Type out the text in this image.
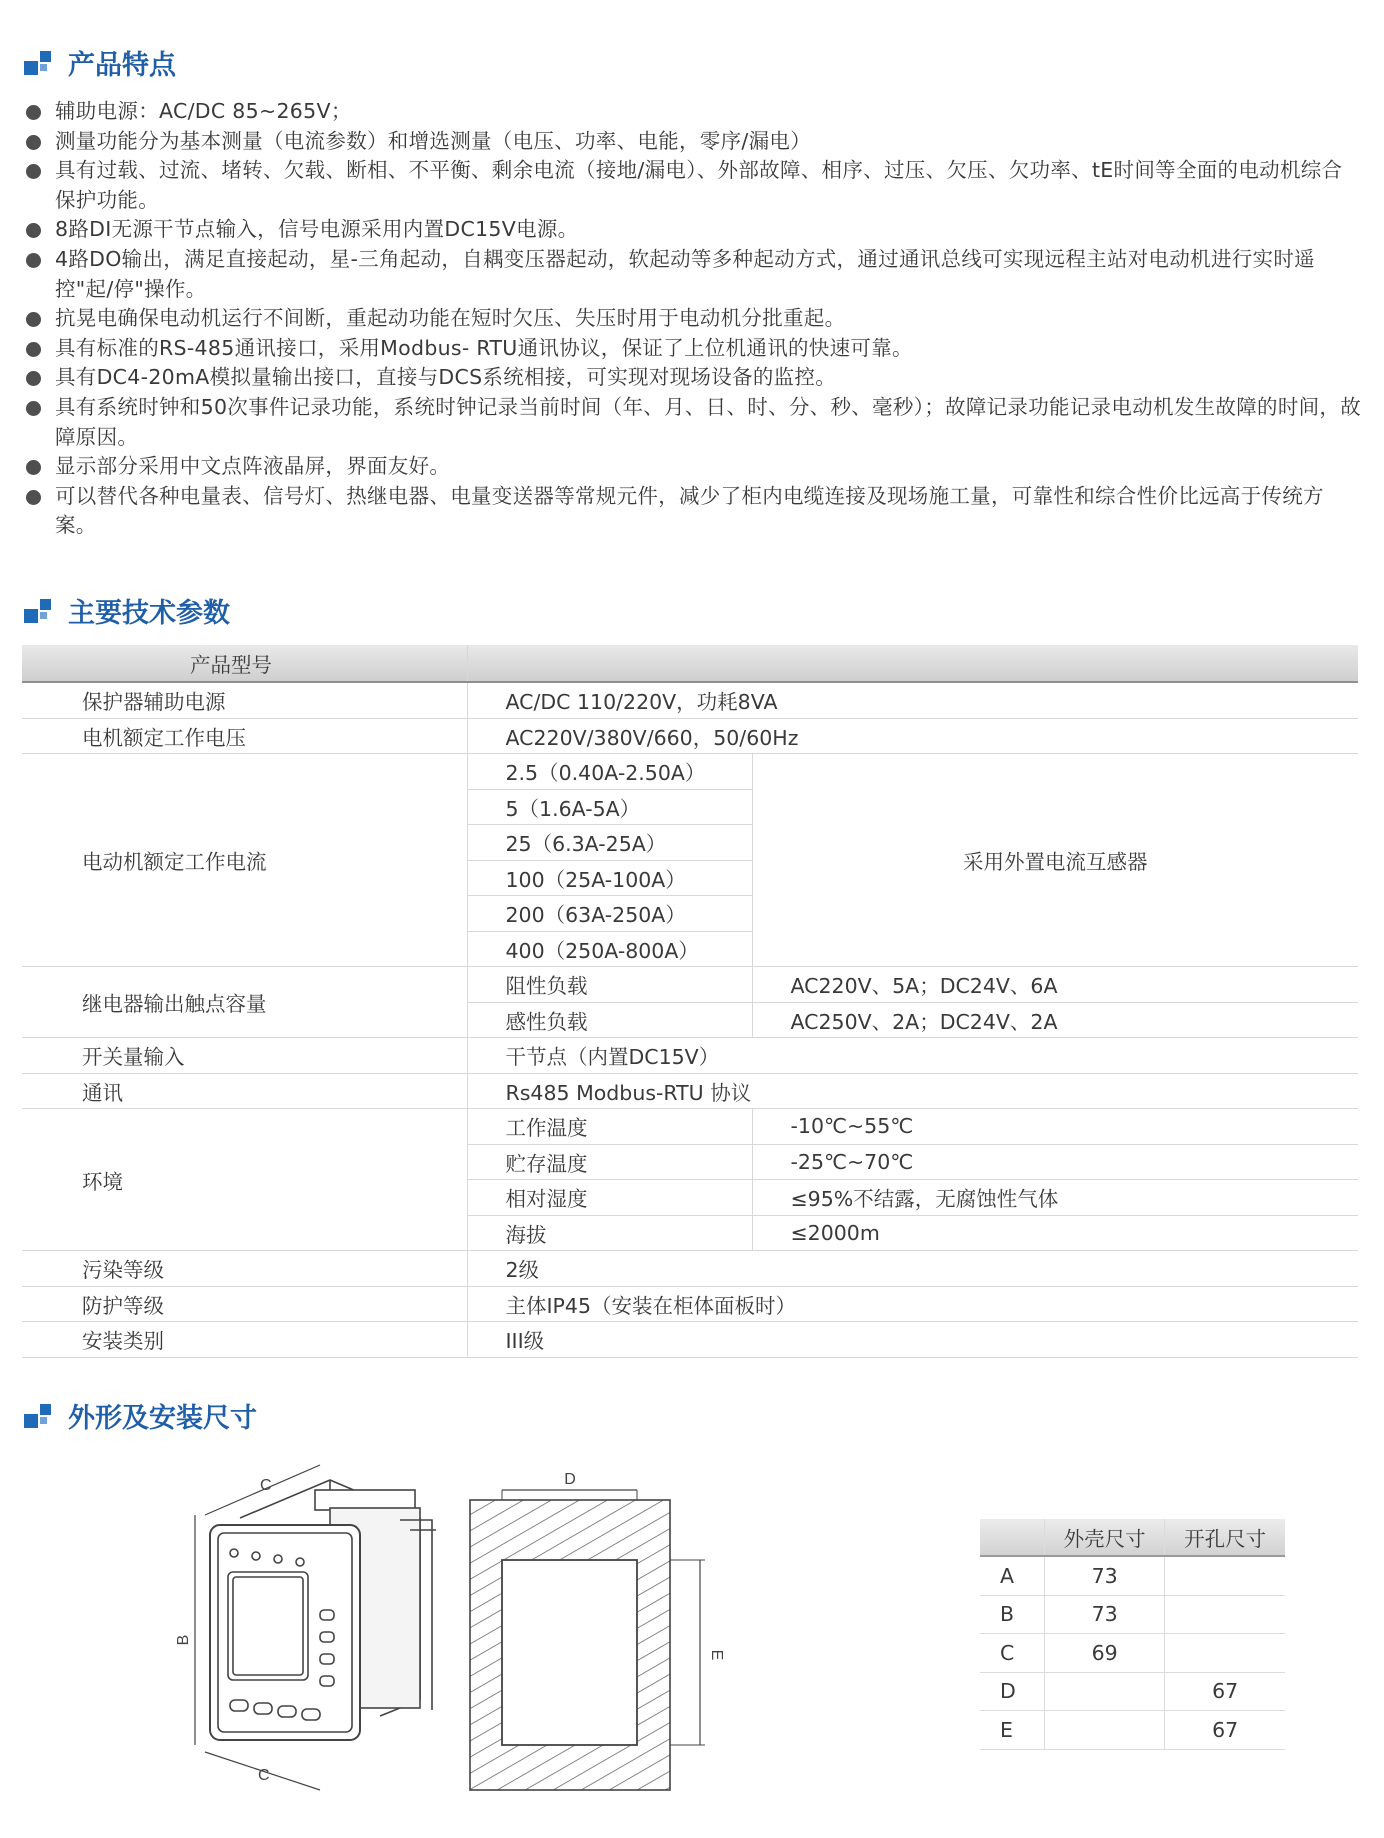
产品特点
辅助电源：AC/DC 85~265V；
测量功能分为基本测量（电流参数）和增选测量（电压、功率、电能，零序/漏电）
具有过载、过流、堵转、欠载、断相、不平衡、剩余电流（接地/漏电）、外部故障、相序、过压、欠压、欠功率、tE时间等全面的电动机综合保护功能。
8路DI无源干节点输入，信号电源采用内置DC15V电源。
4路DO输出，满足直接起动，星-三角起动，自耦变压器起动，软起动等多种起动方式，通过通讯总线可实现远程主站对电动机进行实时遥控"起/停"操作。
抗晃电确保电动机运行不间断，重起动功能在短时欠压、失压时用于电动机分批重起。
具有标准的RS-485通讯接口，采用Modbus- RTU通讯协议，保证了上位机通讯的快速可靠。
具有DC4-20mA模拟量输出接口，直接与DCS系统相接，可实现对现场设备的监控。
具有系统时钟和50次事件记录功能，系统时钟记录当前时间（年、月、日、时、分、秒、毫秒）；故障记录功能记录电动机发生故障的时间，故障原因。
显示部分采用中文点阵液晶屏，界面友好。
可以替代各种电量表、信号灯、热继电器、电量变送器等常规元件，减少了柜内电缆连接及现场施工量，可靠性和综合性价比远高于传统方案。
主要技术参数
产品型号		
保护器辅助电源	AC/DC 110/220V，功耗8VA	
电机额定工作电压	AC220V/380V/660，50/60Hz	
电动机额定工作电流	2.5（0.40A-2.50A）	采用外置电流互感器
	5（1.6A-5A）	
	25（6.3A-25A）	
	100（25A-100A）	
	200（63A-250A）	
	400（250A-800A）	
继电器输出触点容量	阻性负载	AC220V、5A；DC24V、6A
	感性负载	AC250V、2A；DC24V、2A
开关量输入	干节点（内置DC15V）	
通讯	Rs485 Modbus-RTU 协议	
环境	工作温度	-10℃~55℃
	贮存温度	-25℃~70℃
	相对湿度	≤95%不结露，无腐蚀性气体
	海拔	≤2000m
污染等级	2级	
防护等级	主体IP45（安装在柜体面板时）	
安装类别	III级	
外形及安装尺寸
C
B
C
D
E
	外壳尺寸	开孔尺寸
A	73	
B	73	
C	69	
D		67
E		67
